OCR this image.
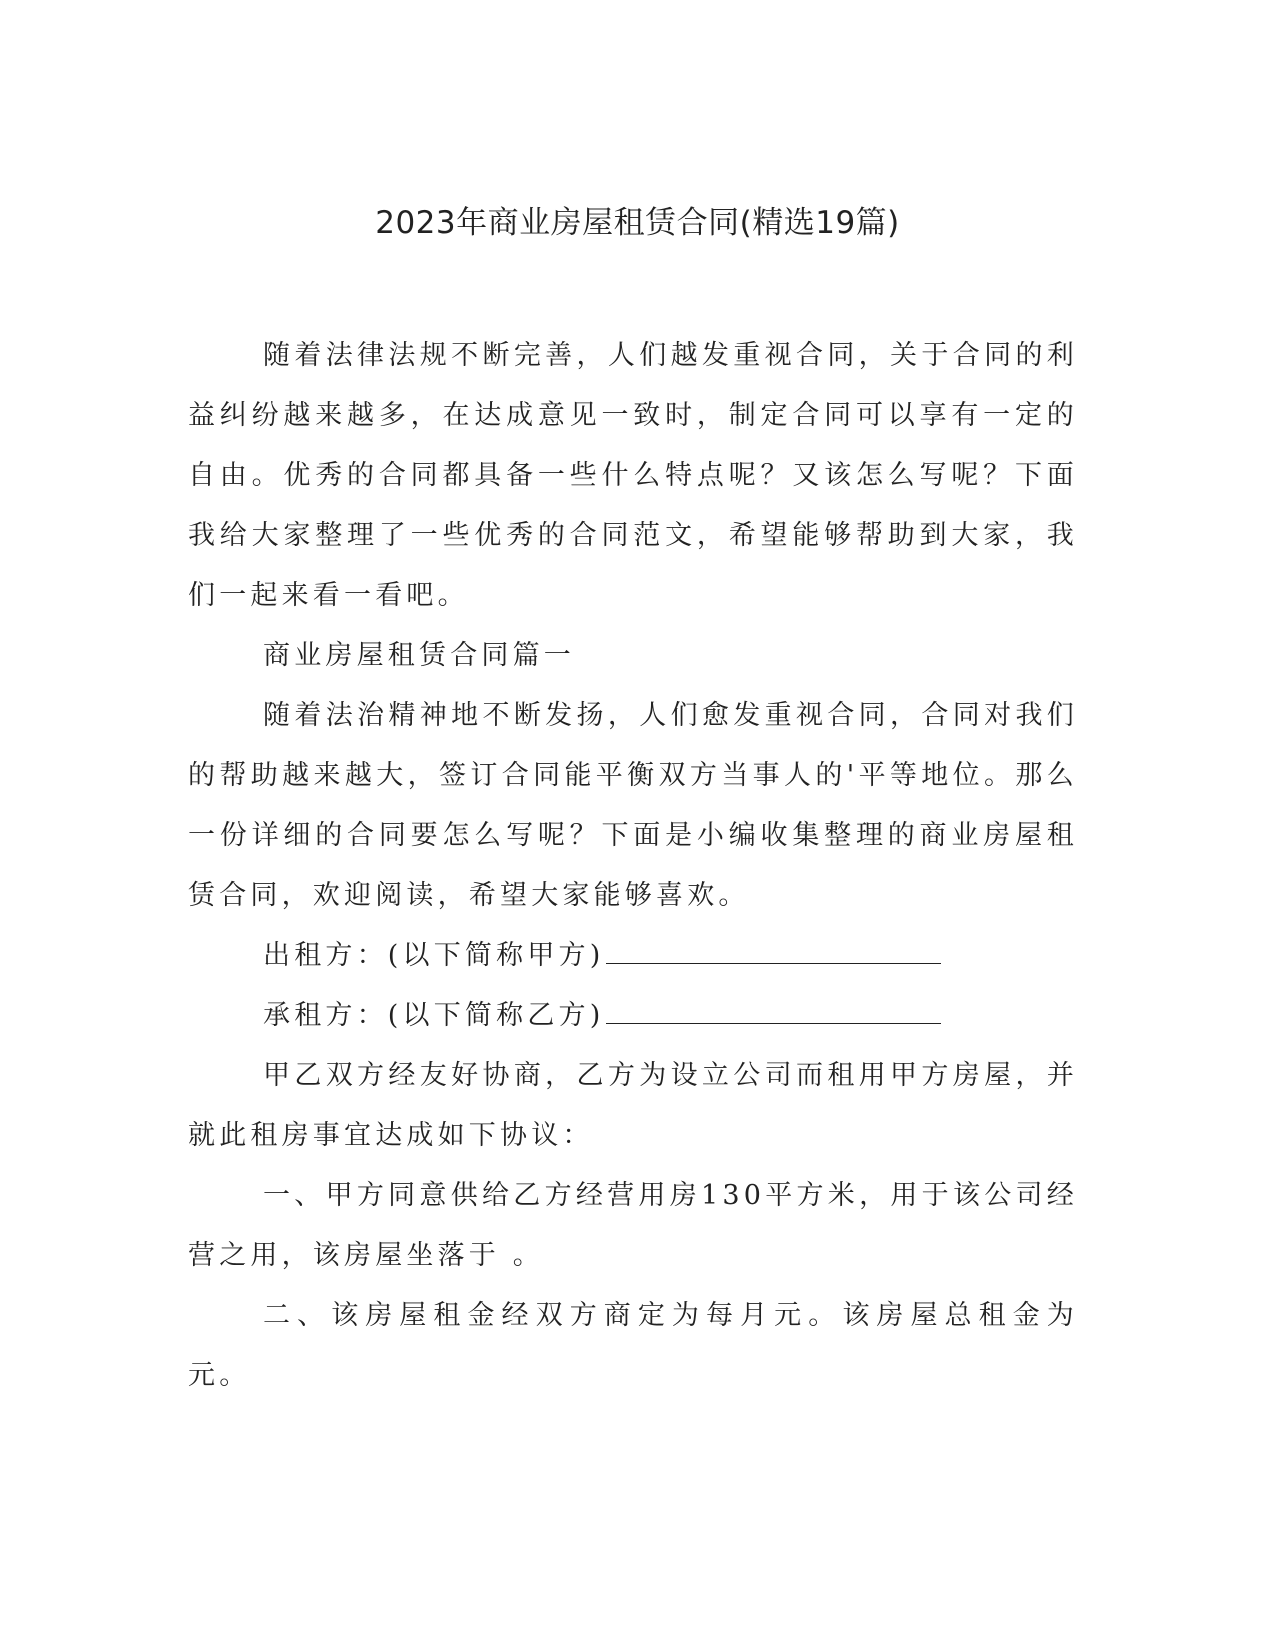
2023年商业房屋租赁合同(精选19篇)

随着法律法规不断完善，人们越发重视合同，关于合同的利益纠纷越来越多，在达成意见一致时，制定合同可以享有一定的自由。优秀的合同都具备一些什么特点呢？又该怎么写呢？下面我给大家整理了一些优秀的合同范文，希望能够帮助到大家，我们一起来看一看吧。

商业房屋租赁合同篇一

随着法治精神地不断发扬，人们愈发重视合同，合同对我们的帮助越来越大，签订合同能平衡双方当事人的'平等地位。那么一份详细的合同要怎么写呢？下面是小编收集整理的商业房屋租赁合同，欢迎阅读，希望大家能够喜欢。

出租方：(以下简称甲方)

承租方：(以下简称乙方)

甲乙双方经友好协商，乙方为设立公司而租用甲方房屋，并就此租房事宜达成如下协议：

一、甲方同意供给乙方经营用房130平方米，用于该公司经营之用，该房屋坐落于 。

二、该房屋租金经双方商定为每月元。该房屋总租金为 元。
